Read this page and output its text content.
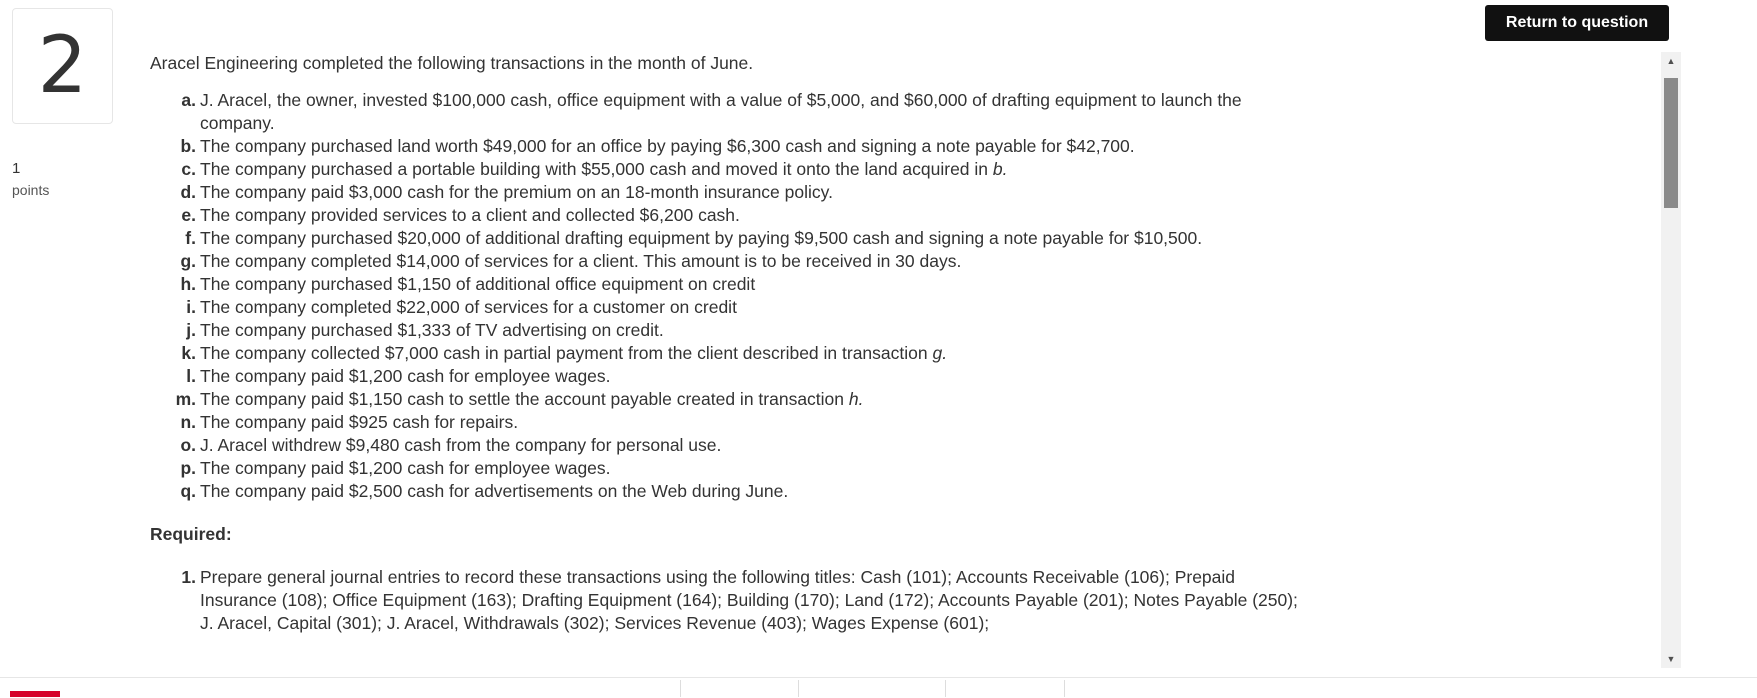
2
1
points
Return to question

Aracel Engineering completed the following transactions in the month of June.

a. J. Aracel, the owner, invested $100,000 cash, office equipment with a value of $5,000, and $60,000 of drafting equipment to launch the company.
b. The company purchased land worth $49,000 for an office by paying $6,300 cash and signing a note payable for $42,700.
c. The company purchased a portable building with $55,000 cash and moved it onto the land acquired in b.
d. The company paid $3,000 cash for the premium on an 18-month insurance policy.
e. The company provided services to a client and collected $6,200 cash.
f. The company purchased $20,000 of additional drafting equipment by paying $9,500 cash and signing a note payable for $10,500.
g. The company completed $14,000 of services for a client. This amount is to be received in 30 days.
h. The company purchased $1,150 of additional office equipment on credit
i. The company completed $22,000 of services for a customer on credit
j. The company purchased $1,333 of TV advertising on credit.
k. The company collected $7,000 cash in partial payment from the client described in transaction g.
l. The company paid $1,200 cash for employee wages.
m. The company paid $1,150 cash to settle the account payable created in transaction h.
n. The company paid $925 cash for repairs.
o. J. Aracel withdrew $9,480 cash from the company for personal use.
p. The company paid $1,200 cash for employee wages.
q. The company paid $2,500 cash for advertisements on the Web during June.
Required:
1. Prepare general journal entries to record these transactions using the following titles: Cash (101); Accounts Receivable (106); Prepaid Insurance (108); Office Equipment (163); Drafting Equipment (164); Building (170); Land (172); Accounts Payable (201); Notes Payable (250); J. Aracel, Capital (301); J. Aracel, Withdrawals (302); Services Revenue (403); Wages Expense (601);
▲
▼
